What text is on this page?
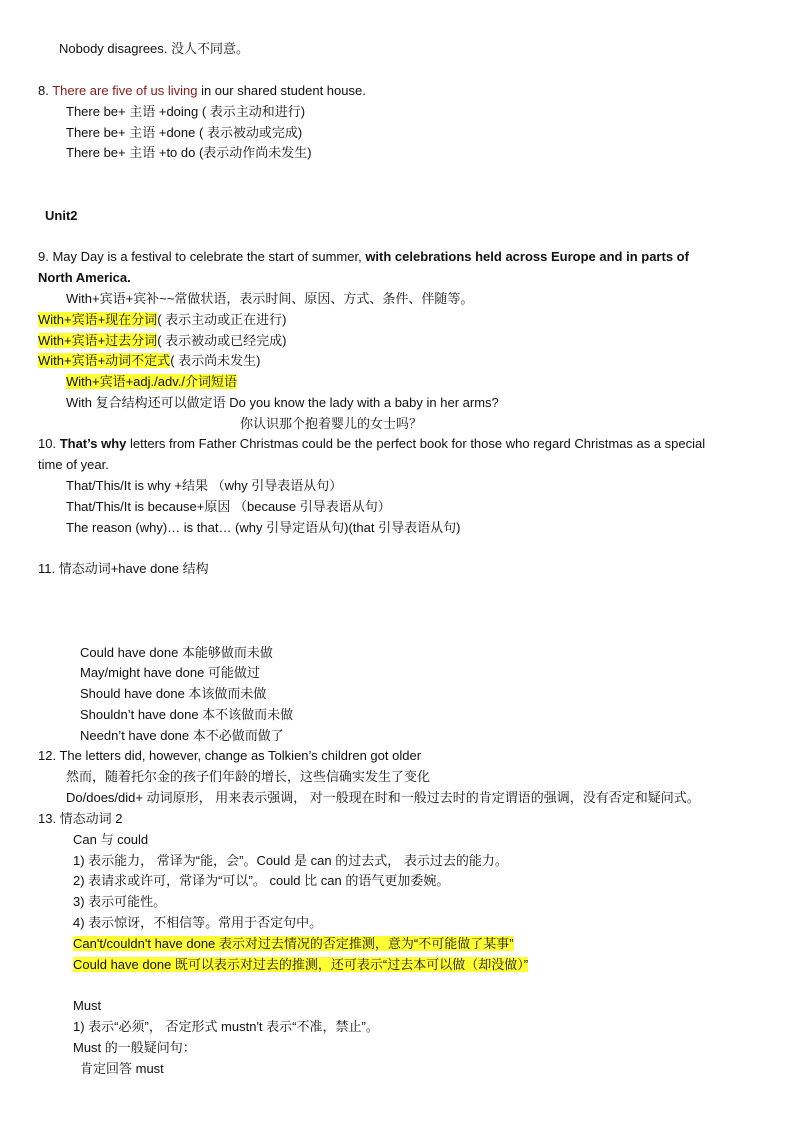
Nobody disagrees. 没人不同意。
8. There are five of us living in our shared student house.
There be+ 主语 +doing ( 表示主动和进行)
There be+ 主语 +done ( 表示被动或完成)
There be+ 主语 +to do (表示动作尚未发生)
Unit2
9. May Day is a festival to celebrate the start of summer, with celebrations held across Europe and in parts of
North America.
With+宾语+宾补~~常做状语，表示时间、原因、方式、条件、伴随等。
With+宾语+现在分词( 表示主动或正在进行)
With+宾语+过去分词( 表示被动或已经完成)
With+宾语+动词不定式( 表示尚未发生)
With+宾语+adj./adv./介词短语
With 复合结构还可以做定语 Do you know the lady with a baby in her arms?
你认识那个抱着婴儿的女士吗？
10. That’s why letters from Father Christmas could be the perfect book for those who regard Christmas as a special
time of year.
That/This/It is why +结果 （why 引导表语从句）
That/This/It is because+原因 （because 引导表语从句）
The reason (why)… is that… (why 引导定语从句)(that 引导表语从句)
11. 情态动词+have done 结构
Could have done 本能够做而未做
May/might have done 可能做过
Should have done 本该做而未做
Shouldn’t have done 本不该做而未做
Needn’t have done 本不必做而做了
12. The letters did, however, change as Tolkien’s children got older
然而，随着托尔金的孩子们年龄的增长，这些信确实发生了变化
Do/does/did+ 动词原形， 用来表示强调， 对一般现在时和一般过去时的肯定谓语的强调，没有否定和疑问式。
13. 情态动词 2
Can 与 could
1) 表示能力， 常译为“能，会”。Could 是 can 的过去式， 表示过去的能力。
2) 表请求或许可，常译为“可以”。 could 比 can 的语气更加委婉。
3) 表示可能性。
4) 表示惊讶，不相信等。常用于否定句中。
Can't/couldn't have done 表示对过去情况的否定推测，意为“不可能做了某事”
Could have done 既可以表示对过去的推测，还可表示“过去本可以做（却没做）”
Must
1) 表示“必须”， 否定形式 mustn't 表示“不准，禁止”。
Must 的一般疑问句：
肯定回答 must
